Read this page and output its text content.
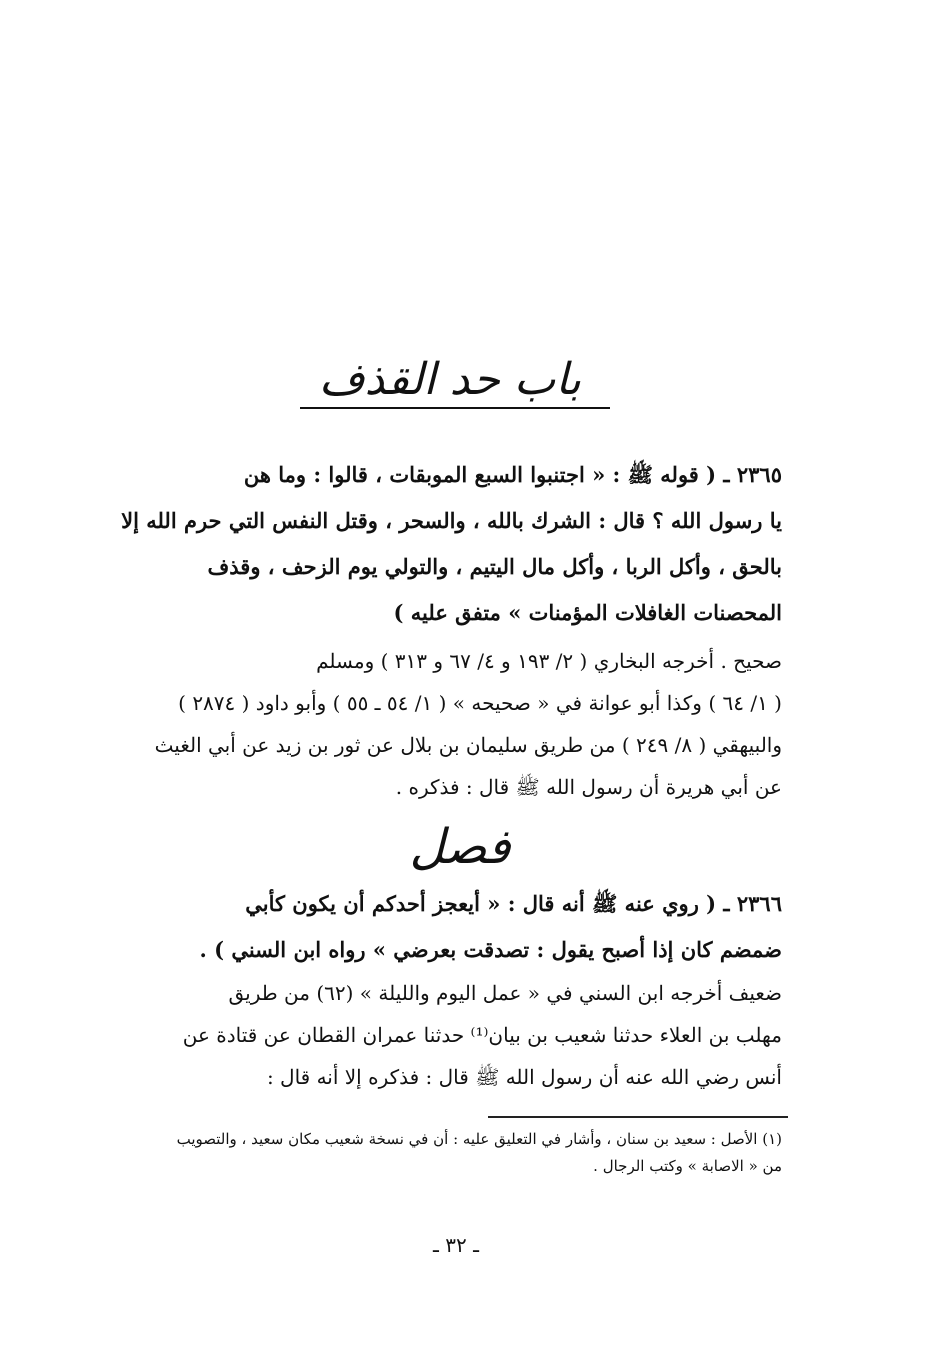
باب حد القذف

٢٣٦٥ ـ ( قوله ﷺ : « اجتنبوا السبع الموبقات ، قالوا : وما هن

يا رسول الله ؟ قال : الشرك بالله ، والسحر ، وقتل النفس التي حرم الله إلا

بالحق ، وأكل الربا ، وأكل مال اليتيم ، والتولي يوم الزحف ، وقذف

المحصنات الغافلات المؤمنات » متفق عليه )

صحيح . أخرجه البخاري ( ٢/ ١٩٣ و ٤/ ٦٧ و ٣١٣ ) ومسلم

( ١/ ٦٤ ) وكذا أبو عوانة في « صحيحه » ( ١/ ٥٤ ـ ٥٥ ) وأبو داود ( ٢٨٧٤ )

والبيهقي ( ٨/ ٢٤٩ ) من طريق سليمان بن بلال عن ثور بن زيد عن أبي الغيث

عن أبي هريرة أن رسول الله ﷺ قال : فذكره .

فصل

٢٣٦٦ ـ ( روي عنه ﷺ أنه قال : « أيعجز أحدكم أن يكون كأبي

ضمضم كان إذا أصبح يقول : تصدقت بعرضي » رواه ابن السني ) .

ضعيف أخرجه ابن السني في « عمل اليوم والليلة » (٦٢) من طريق

مهلب بن العلاء حدثنا شعيب بن بيان⁽¹⁾ حدثنا عمران القطان عن قتادة عن

أنس رضي الله عنه أن رسول الله ﷺ قال : فذكره إلا أنه قال :

(١) الأصل : سعيد بن سنان ، وأشار في التعليق عليه : أن في نسخة شعيب مكان سعيد ، والتصويب

من « الاصابة » وكتب الرجال .

ـ ٣٢ ـ
